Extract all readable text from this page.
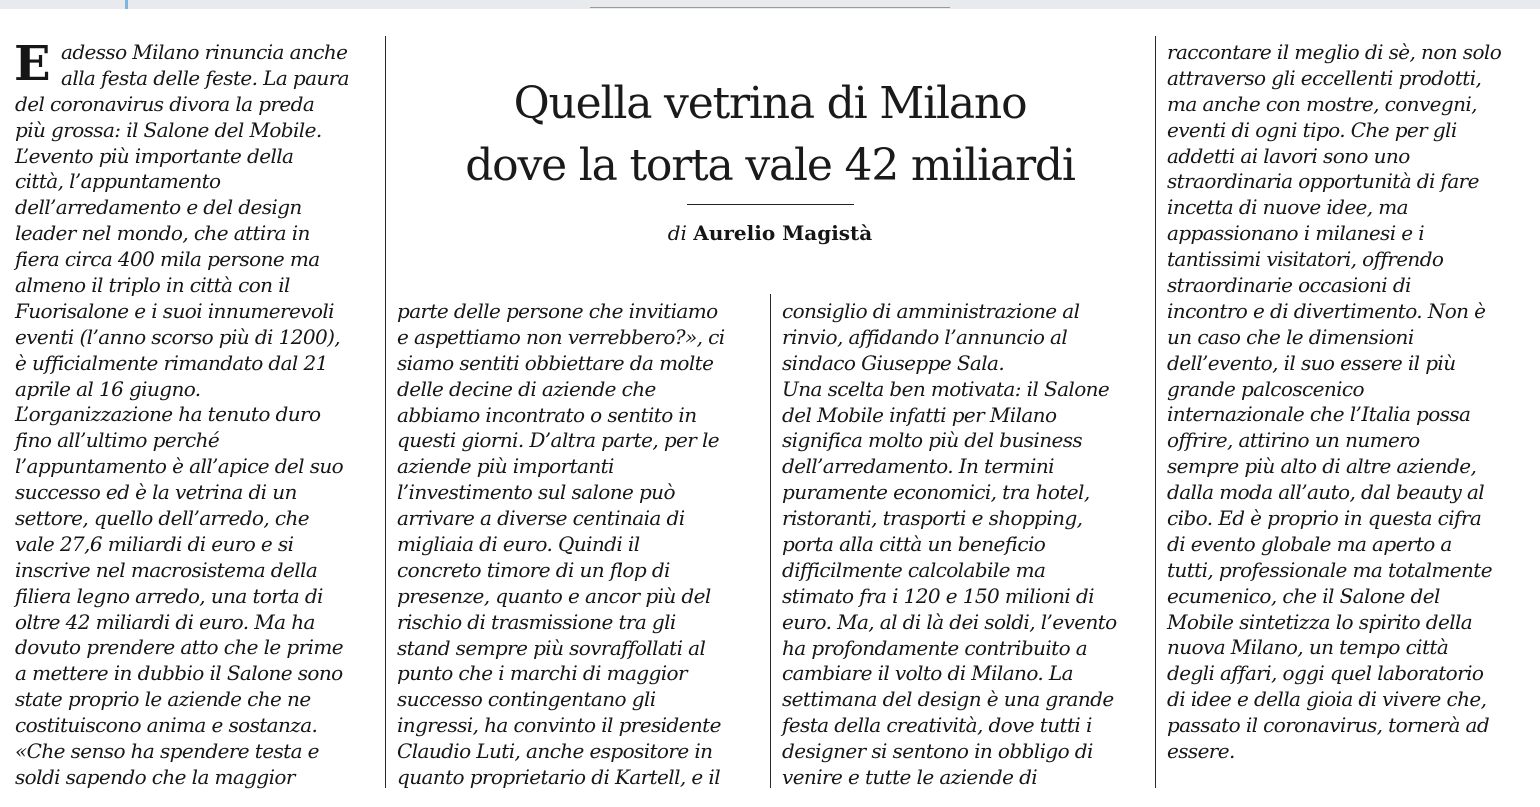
E adesso Milano rinuncia anche
alla festa delle feste. La paura
del coronavirus divora la preda
più grossa: il Salone del Mobile.
L’evento più importante della
città, l’appuntamento
dell’arredamento e del design
leader nel mondo, che attira in
fiera circa 400 mila persone ma
almeno il triplo in città con il
Fuorisalone e i suoi innumerevoli
eventi (l’anno scorso più di 1200),
è ufficialmente rimandato dal 21
aprile al 16 giugno.
L’organizzazione ha tenuto duro
fino all’ultimo perché
l’appuntamento è all’apice del suo
successo ed è la vetrina di un
settore, quello dell’arredo, che
vale 27,6 miliardi di euro e si
inscrive nel macrosistema della
filiera legno arredo, una torta di
oltre 42 miliardi di euro. Ma ha
dovuto prendere atto che le prime
a mettere in dubbio il Salone sono
state proprio le aziende che ne
costituiscono anima e sostanza.
«Che senso ha spendere testa e
soldi sapendo che la maggior
Quella vetrina di Milano
dove la torta vale 42 miliardi
di Aurelio Magistà
parte delle persone che invitiamo
e aspettiamo non verrebbero?», ci
siamo sentiti obbiettare da molte
delle decine di aziende che
abbiamo incontrato o sentito in
questi giorni. D’altra parte, per le
aziende più importanti
l’investimento sul salone può
arrivare a diverse centinaia di
migliaia di euro. Quindi il
concreto timore di un flop di
presenze, quanto e ancor più del
rischio di trasmissione tra gli
stand sempre più sovraffollati al
punto che i marchi di maggior
successo contingentano gli
ingressi, ha convinto il presidente
Claudio Luti, anche espositore in
quanto proprietario di Kartell, e il
consiglio di amministrazione al
rinvio, affidando l’annuncio al
sindaco Giuseppe Sala.
Una scelta ben motivata: il Salone
del Mobile infatti per Milano
significa molto più del business
dell’arredamento. In termini
puramente economici, tra hotel,
ristoranti, trasporti e shopping,
porta alla città un beneficio
difficilmente calcolabile ma
stimato fra i 120 e 150 milioni di
euro. Ma, al di là dei soldi, l’evento
ha profondamente contribuito a
cambiare il volto di Milano. La
settimana del design è una grande
festa della creatività, dove tutti i
designer si sentono in obbligo di
venire e tutte le aziende di
raccontare il meglio di sè, non solo
attraverso gli eccellenti prodotti,
ma anche con mostre, convegni,
eventi di ogni tipo. Che per gli
addetti ai lavori sono uno
straordinaria opportunità di fare
incetta di nuove idee, ma
appassionano i milanesi e i
tantissimi visitatori, offrendo
straordinarie occasioni di
incontro e di divertimento. Non è
un caso che le dimensioni
dell’evento, il suo essere il più
grande palcoscenico
internazionale che l’Italia possa
offrire, attirino un numero
sempre più alto di altre aziende,
dalla moda all’auto, dal beauty al
cibo. Ed è proprio in questa cifra
di evento globale ma aperto a
tutti, professionale ma totalmente
ecumenico, che il Salone del
Mobile sintetizza lo spirito della
nuova Milano, un tempo città
degli affari, oggi quel laboratorio
di idee e della gioia di vivere che,
passato il coronavirus, tornerà ad
essere.
